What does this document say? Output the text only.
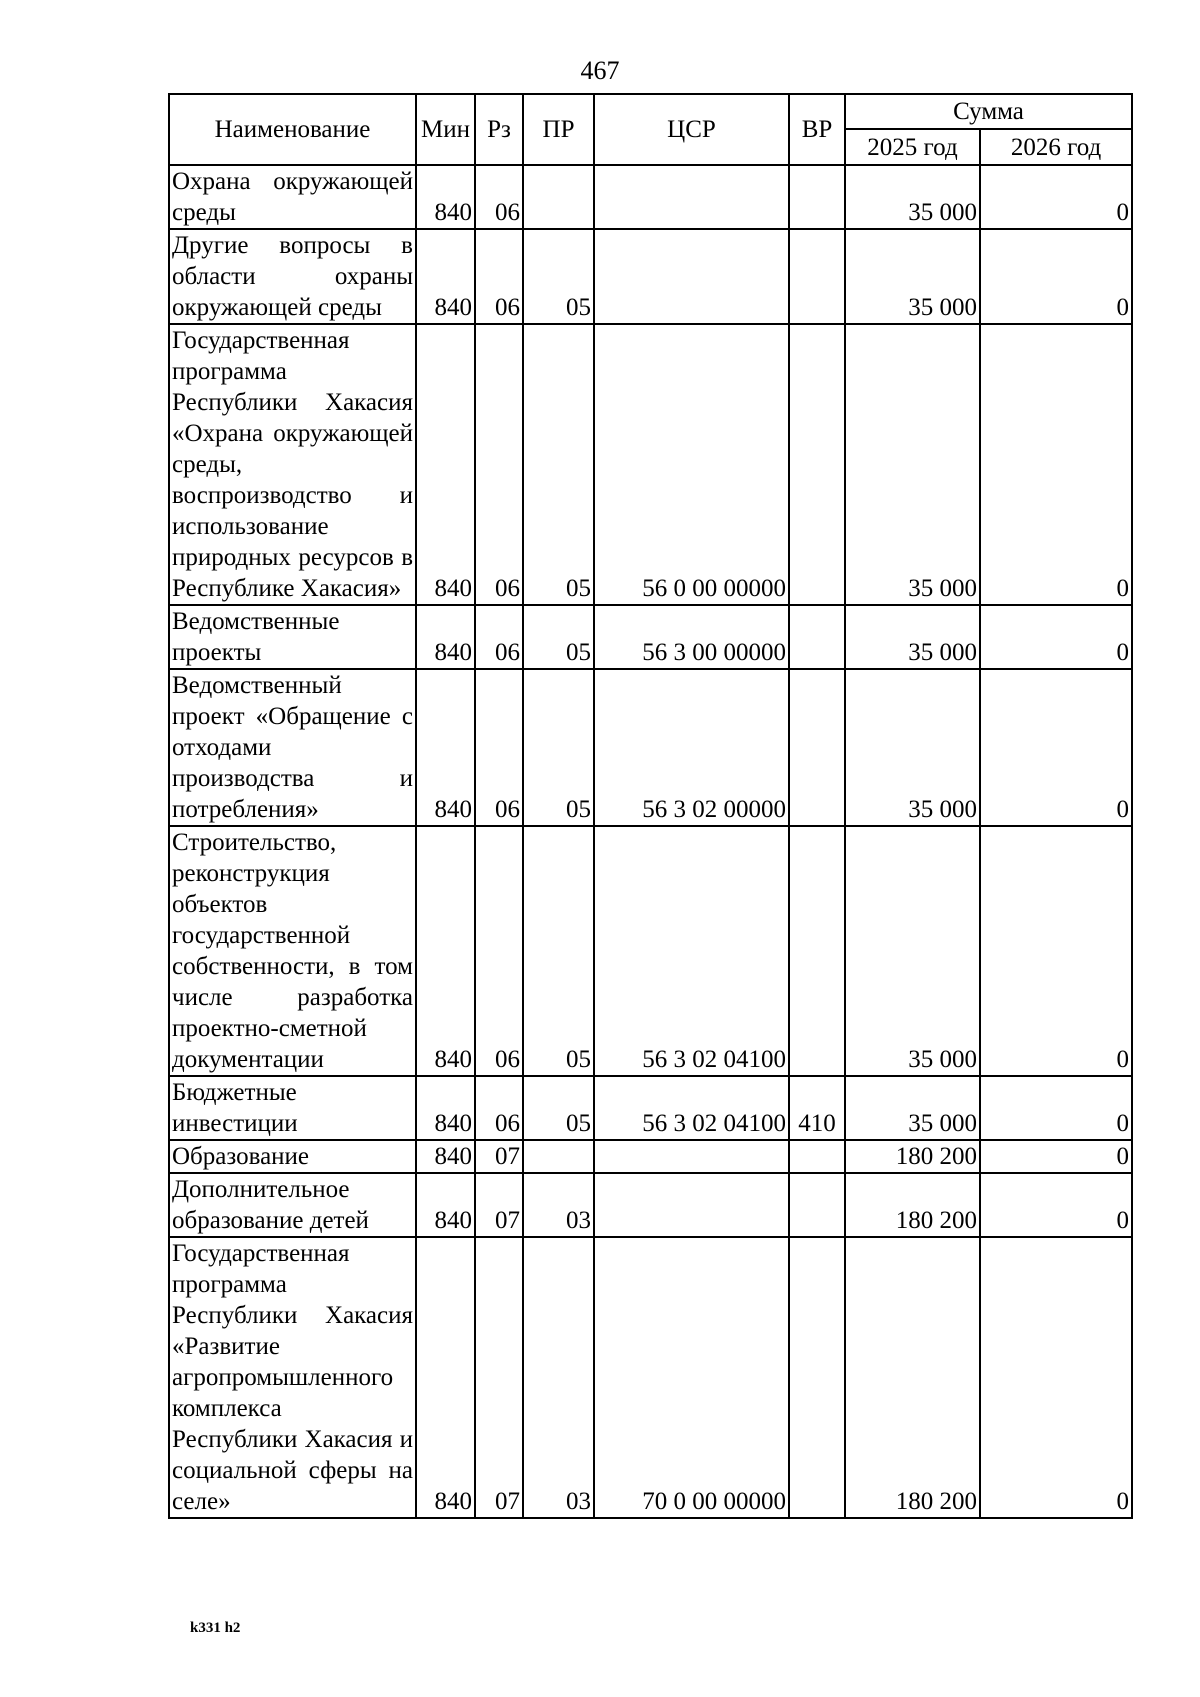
467
Наименование	Мин	Рз	ПР	ЦСР	ВР	Сумма	
						2025 год	2026 год
Охрана окружающей среды	840	06				35 000	0
Другие вопросы в области охраны окружающей среды	840	06	05			35 000	0
Государственная программа Республики Хакасия «Охрана окружающей среды, воспроизводство и использование природных ресурсов в Республике Хакасия»	840	06	05	56 0 00 00000		35 000	0
Ведомственные проекты	840	06	05	56 3 00 00000		35 000	0
Ведомственный проект «Обращение с отходами производства и потребления»	840	06	05	56 3 02 00000		35 000	0
Строительство, реконструкция объектов государственной собственности, в том числе разработка проектно-сметной документации	840	06	05	56 3 02 04100		35 000	0
Бюджетные инвестиции	840	06	05	56 3 02 04100	410	35 000	0
Образование	840	07				180 200	0
Дополнительное образование детей	840	07	03			180 200	0
Государственная программа Республики Хакасия «Развитие агропромышленного комплекса Республики Хакасия и социальной сферы на селе»	840	07	03	70 0 00 00000		180 200	0
k331 h2
